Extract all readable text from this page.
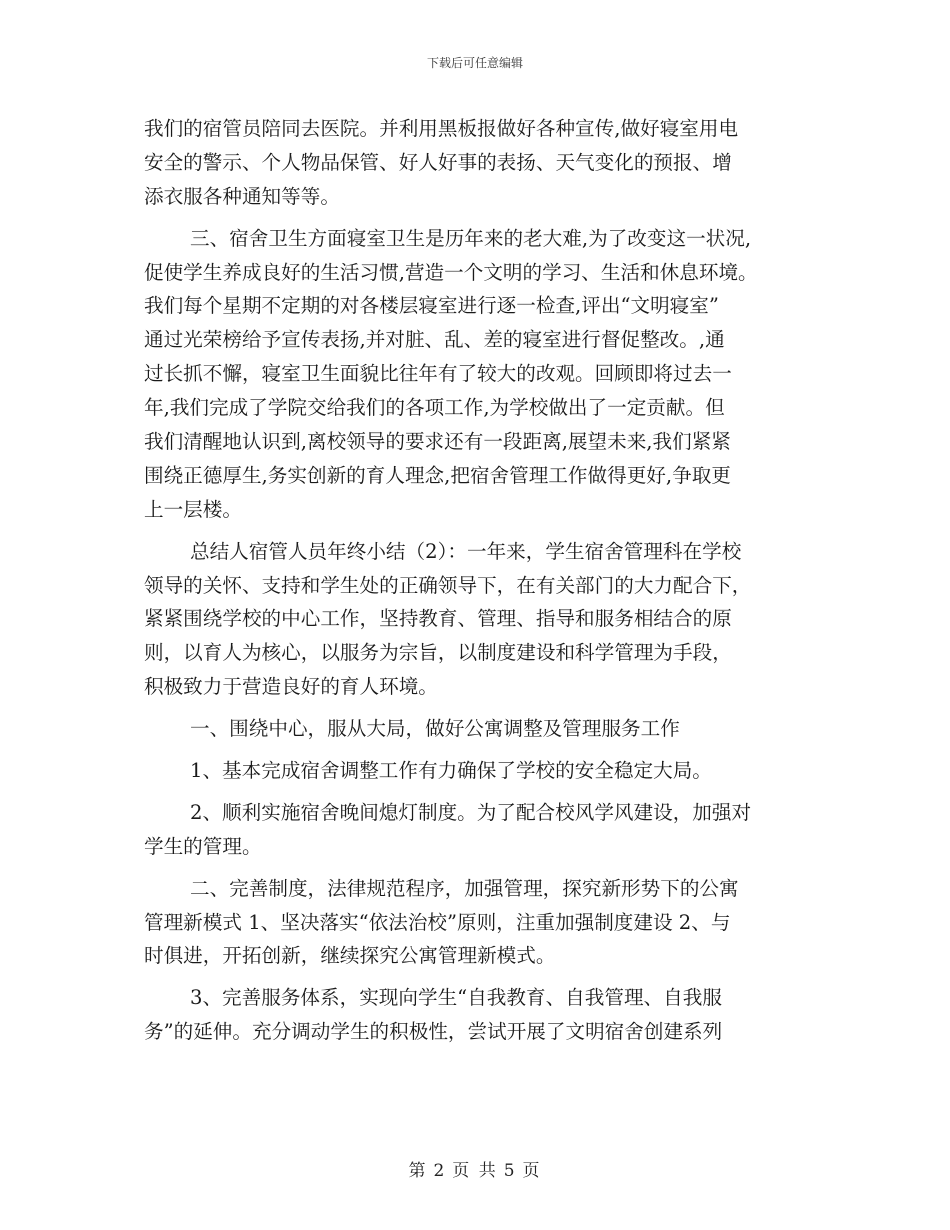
下载后可任意编辑
我们的宿管员陪同去医院。并利用黑板报做好各种宣传,做好寝室用电
安全的警示、个人物品保管、好人好事的表扬、天气变化的预报、增
添衣服各种通知等等。
三、宿舍卫生方面寝室卫生是历年来的老大难,为了改变这一状况,
促使学生养成良好的生活习惯,营造一个文明的学习、生活和休息环境。
我们每个星期不定期的对各楼层寝室进行逐一检查,评出“文明寝室”
通过光荣榜给予宣传表扬,并对脏、乱、差的寝室进行督促整改。,通
过长抓不懈，寝室卫生面貌比往年有了较大的改观。回顾即将过去一
年,我们完成了学院交给我们的各项工作,为学校做出了一定贡献。但
我们清醒地认识到,离校领导的要求还有一段距离,展望未来,我们紧紧
围绕正德厚生,务实创新的育人理念,把宿舍管理工作做得更好,争取更
上一层楼。
总结人宿管人员年终小结（2）：一年来，学生宿舍管理科在学校
领导的关怀、支持和学生处的正确领导下，在有关部门的大力配合下，
紧紧围绕学校的中心工作，坚持教育、管理、指导和服务相结合的原
则，以育人为核心，以服务为宗旨，以制度建设和科学管理为手段，
积极致力于营造良好的育人环境。
一、围绕中心，服从大局，做好公寓调整及管理服务工作
1、基本完成宿舍调整工作有力确保了学校的安全稳定大局。
2、顺利实施宿舍晚间熄灯制度。为了配合校风学风建设，加强对
学生的管理。
二、完善制度，法律规范程序，加强管理，探究新形势下的公寓
管理新模式 1、坚决落实“依法治校”原则，注重加强制度建设 2、与
时俱进，开拓创新，继续探究公寓管理新模式。
3、完善服务体系，实现向学生“自我教育、自我管理、自我服
务”的延伸。充分调动学生的积极性，尝试开展了文明宿舍创建系列
第 2 页 共 5 页
